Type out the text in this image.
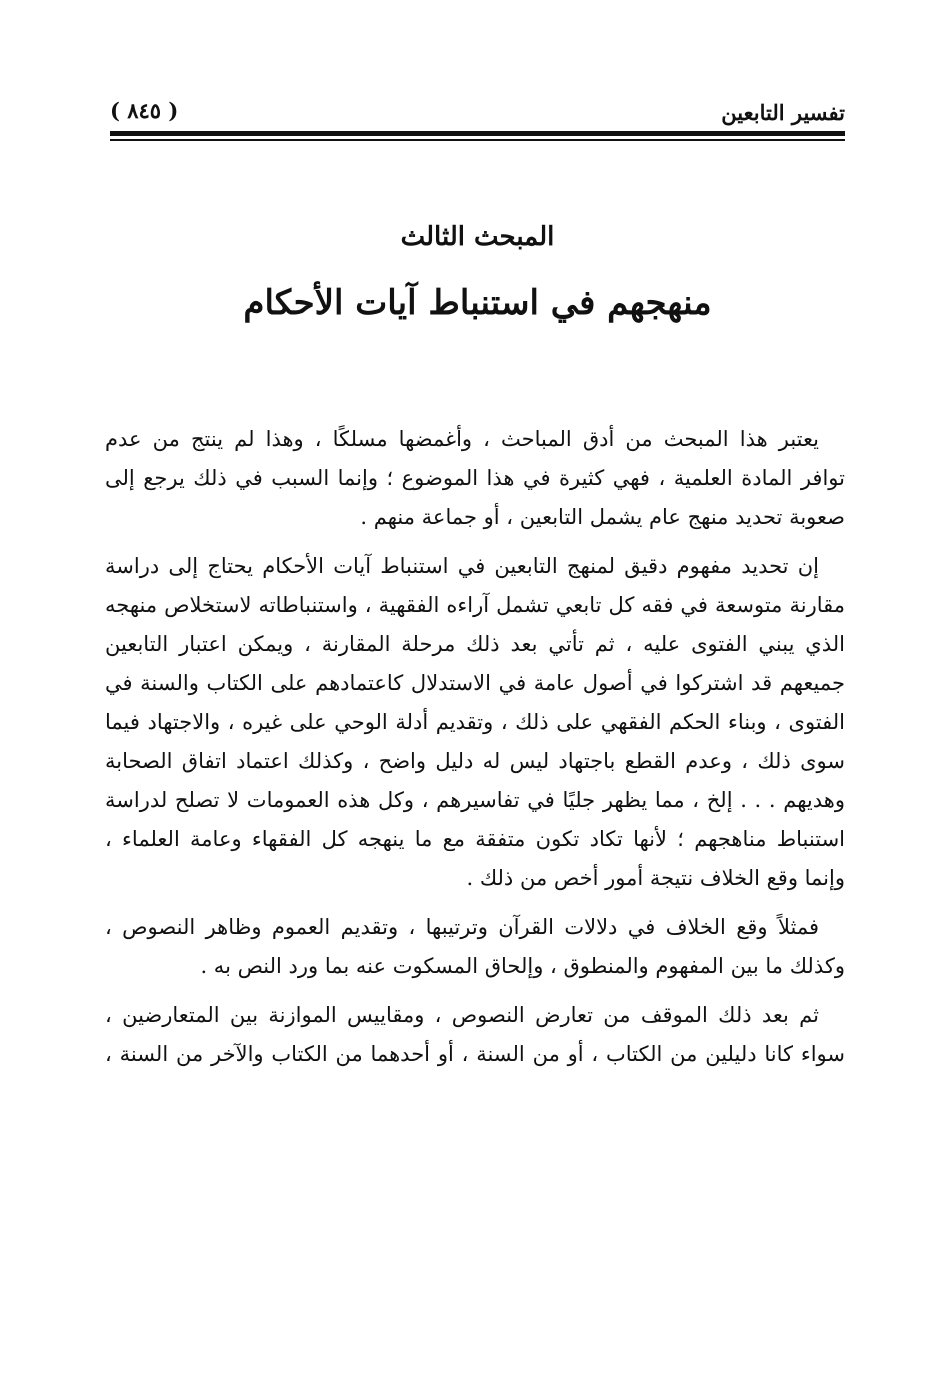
تفسير التابعين
( ٨٤٥ )
المبحث الثالث
منهجهم في استنباط آيات الأحكام
يعتبر هذا المبحث من أدق المباحث ، وأغمضها مسلكًا ، وهذا لم ينتج من عدم
توافر المادة العلمية ، فهي كثيرة في هذا الموضوع ؛ وإنما السبب في ذلك يرجع إلى
صعوبة تحديد منهج عام يشمل التابعين ، أو جماعة منهم .
إن تحديد مفهوم دقيق لمنهج التابعين في استنباط آيات الأحكام يحتاج إلى دراسة
مقارنة متوسعة في فقه كل تابعي تشمل آراءه الفقهية ، واستنباطاته لاستخلاص منهجه
الذي يبني الفتوى عليه ، ثم تأتي بعد ذلك مرحلة المقارنة ، ويمكن اعتبار التابعين
جميعهم قد اشتركوا في أصول عامة في الاستدلال كاعتمادهم على الكتاب والسنة في
الفتوى ، وبناء الحكم الفقهي على ذلك ، وتقديم أدلة الوحي على غيره ، والاجتهاد فيما
سوى ذلك ، وعدم القطع باجتهاد ليس له دليل واضح ، وكذلك اعتماد اتفاق الصحابة
وهديهم . . . إلخ ، مما يظهر جليًا في تفاسيرهم ، وكل هذه العمومات لا تصلح لدراسة
استنباط مناهجهم ؛ لأنها تكاد تكون متفقة مع ما ينهجه كل الفقهاء وعامة العلماء ،
وإنما وقع الخلاف نتيجة أمور أخص من ذلك .
فمثلاً وقع الخلاف في دلالات القرآن وترتيبها ، وتقديم العموم وظاهر النصوص ،
وكذلك ما بين المفهوم والمنطوق ، وإلحاق المسكوت عنه بما ورد النص به .
ثم بعد ذلك الموقف من تعارض النصوص ، ومقاييس الموازنة بين المتعارضين ،
سواء كانا دليلين من الكتاب ، أو من السنة ، أو أحدهما من الكتاب والآخر من السنة ،
